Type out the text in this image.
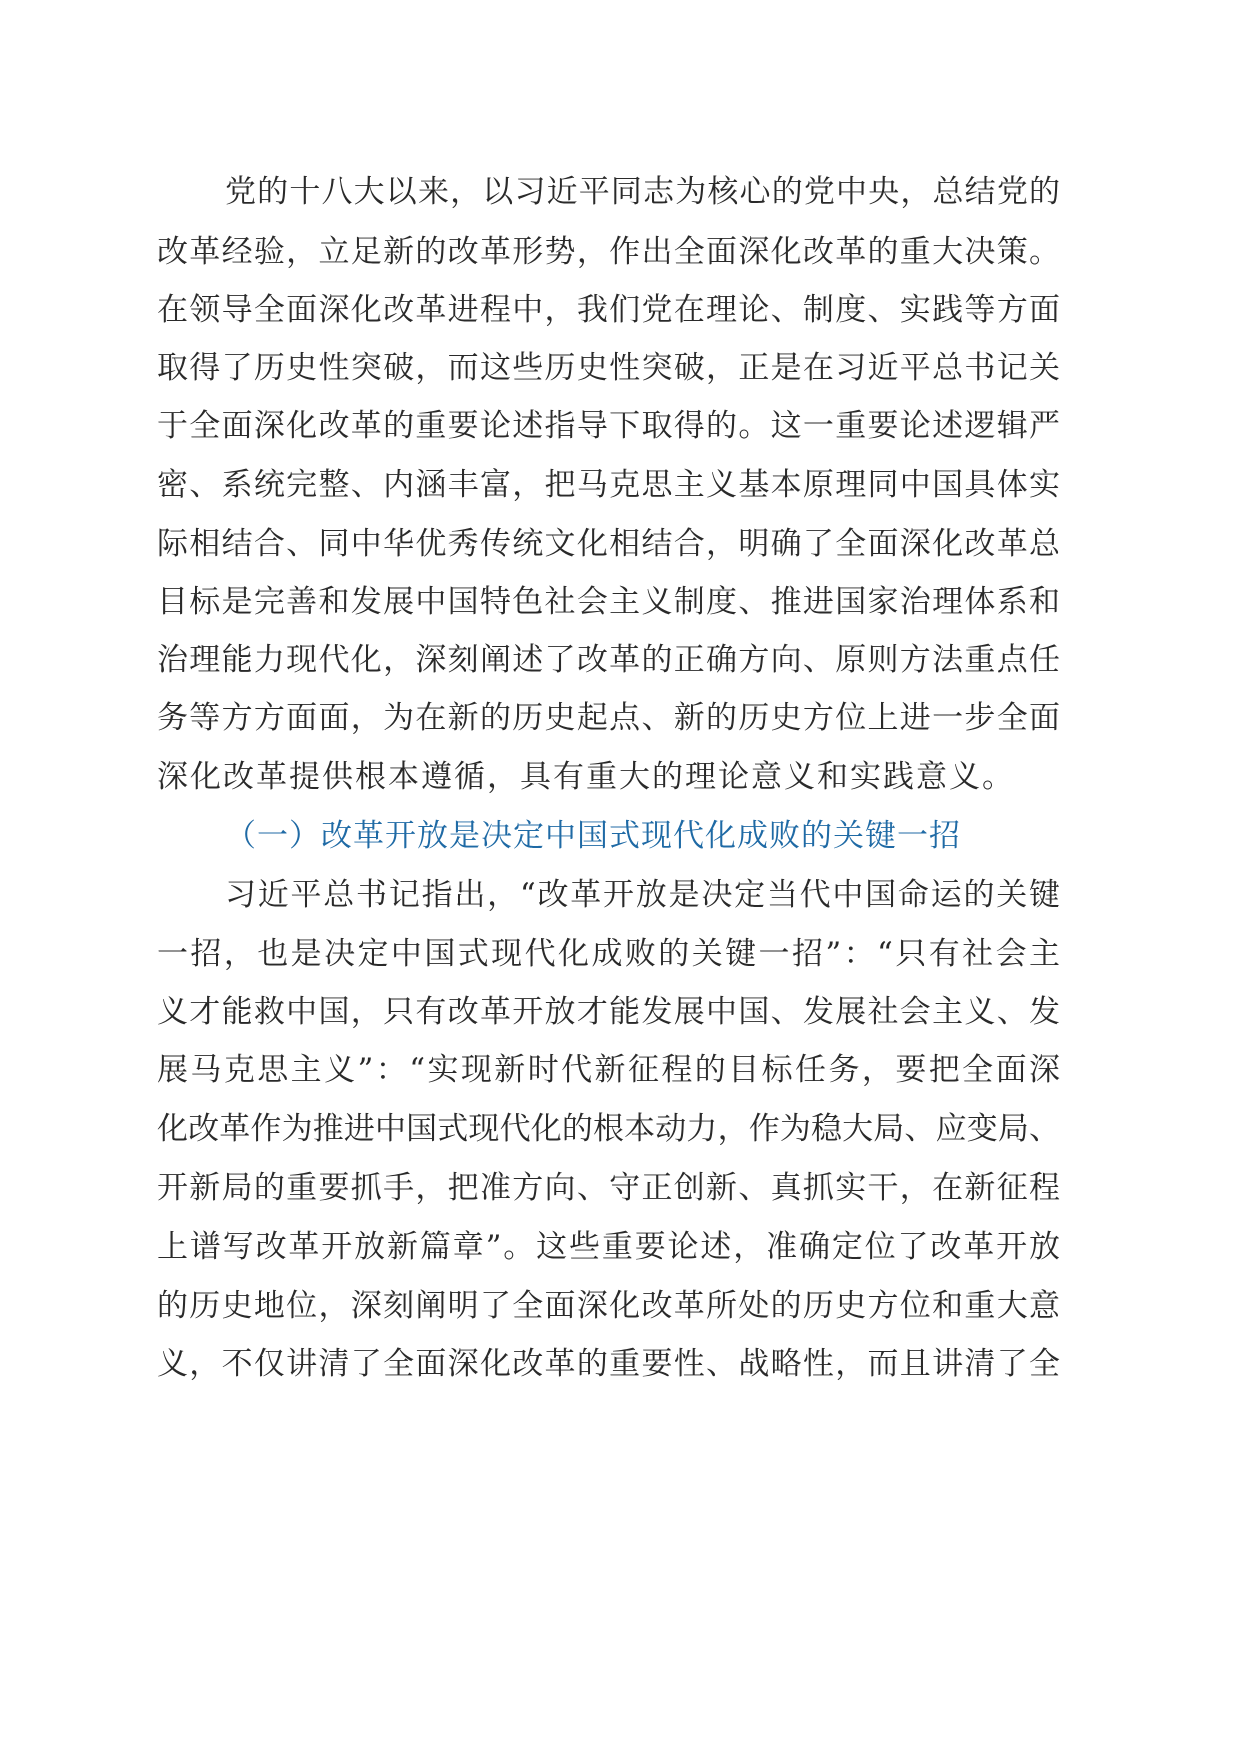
党的十八大以来，以习近平同志为核心的党中央，总结党的
改革经验，立足新的改革形势，作出全面深化改革的重大决策。
在领导全面深化改革进程中，我们党在理论、制度、实践等方面
取得了历史性突破，而这些历史性突破，正是在习近平总书记关
于全面深化改革的重要论述指导下取得的。这一重要论述逻辑严
密、系统完整、内涵丰富，把马克思主义基本原理同中国具体实
际相结合、同中华优秀传统文化相结合，明确了全面深化改革总
目标是完善和发展中国特色社会主义制度、推进国家治理体系和
治理能力现代化，深刻阐述了改革的正确方向、原则方法重点任
务等方方面面，为在新的历史起点、新的历史方位上进一步全面
深化改革提供根本遵循，具有重大的理论意义和实践意义。
（一）改革开放是决定中国式现代化成败的关键一招
习近平总书记指出，“改革开放是决定当代中国命运的关键
一招，也是决定中国式现代化成败的关键一招”：“只有社会主
义才能救中国，只有改革开放才能发展中国、发展社会主义、发
展马克思主义”：“实现新时代新征程的目标任务，要把全面深
化改革作为推进中国式现代化的根本动力，作为稳大局、应变局、
开新局的重要抓手，把准方向、守正创新、真抓实干，在新征程
上谱写改革开放新篇章”。这些重要论述，准确定位了改革开放
的历史地位，深刻阐明了全面深化改革所处的历史方位和重大意
义，不仅讲清了全面深化改革的重要性、战略性，而且讲清了全
